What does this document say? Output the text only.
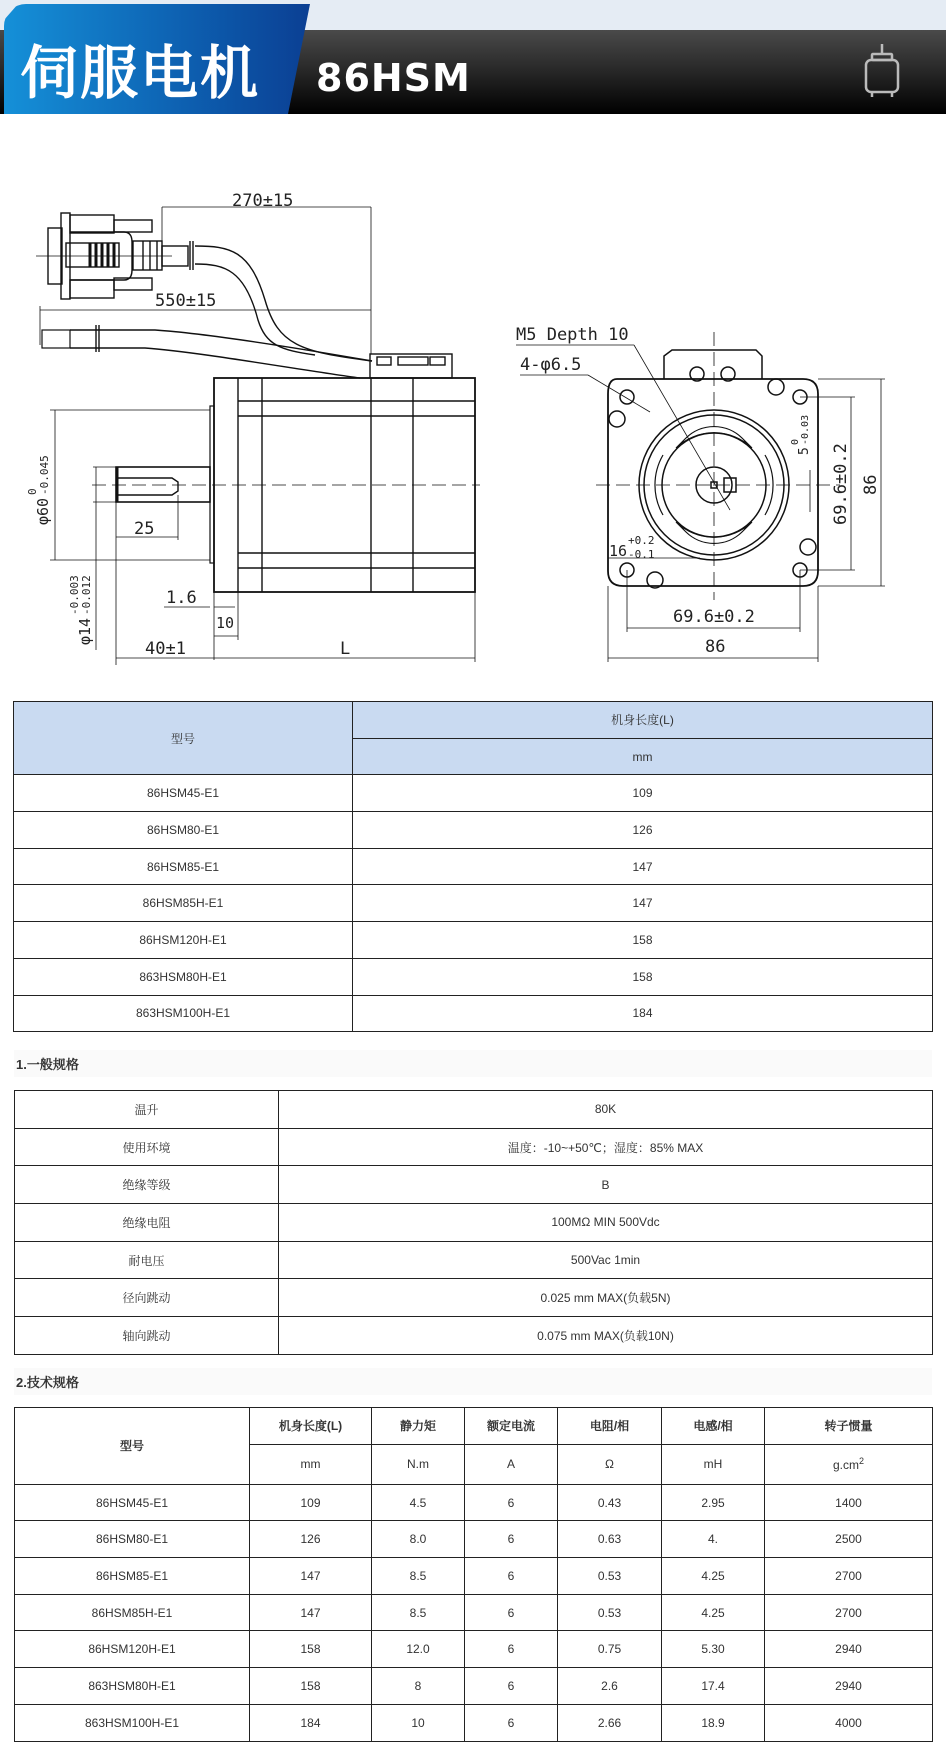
伺服电机 86HSM
270±15
550±15
25
1.6
10
40±1	L
φ60
-0.045
0
φ14
-0.012
-0.003
M5 Depth 10
4-φ6.5
69.6±0.2
86
16
+0.2
-0.1
69.6±0.2 86
5
-0.03
0
型号	机身长度(L)
	mm
86HSM45-E1	109
86HSM80-E1	126
86HSM85-E1	147
86HSM85H-E1	147
86HSM120H-E1	158
863HSM80H-E1	158
863HSM100H-E1	184
1.一般规格
温升	80K
使用环境	温度：-10~+50℃；湿度：85% MAX
绝缘等级	B
绝缘电阻	100MΩ MIN 500Vdc
耐电压	500Vac 1min
径向跳动	0.025 mm MAX(负载5N)
轴向跳动	0.075 mm MAX(负载10N)
2.技术规格
型号	机身长度(L)	静力矩	额定电流	电阻/相	电感/相	转子惯量
	mm	N.m	A	Ω	mH	$g.cm^2$
86HSM45-E1	109	4.5	6	0.43	2.95	1400
86HSM80-E1	126	8.0	6	0.63	4.	2500
86HSM85-E1	147	8.5	6	0.53	4.25	2700
86HSM85H-E1	147	8.5	6	0.53	4.25	2700
86HSM120H-E1	158	12.0	6	0.75	5.30	2940
863HSM80H-E1	158	8	6	2.6	17.4	2940
863HSM100H-E1	184	10	6	2.66	18.9	4000
